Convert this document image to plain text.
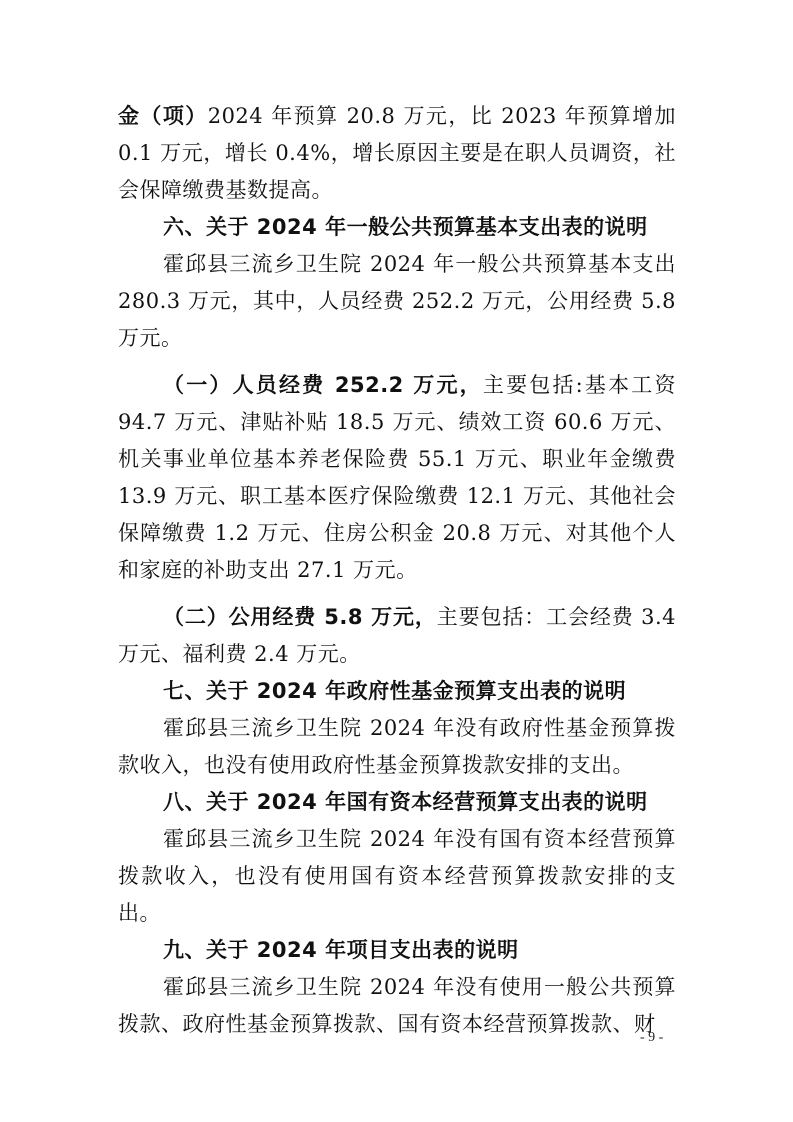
金（项）2024 年预算 20.8 万元，比 2023 年预算增加 0.1 万元，增长 0.4%，增长原因主要是在职人员调资，社会保障缴费基数提高。

六、关于 2024 年一般公共预算基本支出表的说明

霍邱县三流乡卫生院 2024 年一般公共预算基本支出 280.3 万元，其中，人员经费 252.2 万元，公用经费 5.8 万元。

（一）人员经费 252.2 万元，主要包括:基本工资 94.7 万元、津贴补贴 18.5 万元、绩效工资 60.6 万元、机关事业单位基本养老保险费 55.1 万元、职业年金缴费 13.9 万元、职工基本医疗保险缴费 12.1 万元、其他社会保障缴费 1.2 万元、住房公积金 20.8 万元、对其他个人和家庭的补助支出 27.1 万元。

（二）公用经费 5.8 万元，主要包括：工会经费 3.4 万元、福利费 2.4 万元。

七、关于 2024 年政府性基金预算支出表的说明

霍邱县三流乡卫生院 2024 年没有政府性基金预算拨款收入，也没有使用政府性基金预算拨款安排的支出。

八、关于 2024 年国有资本经营预算支出表的说明

霍邱县三流乡卫生院 2024 年没有国有资本经营预算拨款收入，也没有使用国有资本经营预算拨款安排的支出。

九、关于 2024 年项目支出表的说明

霍邱县三流乡卫生院 2024 年没有使用一般公共预算拨款、政府性基金预算拨款、国有资本经营预算拨款、财

- 9 -
